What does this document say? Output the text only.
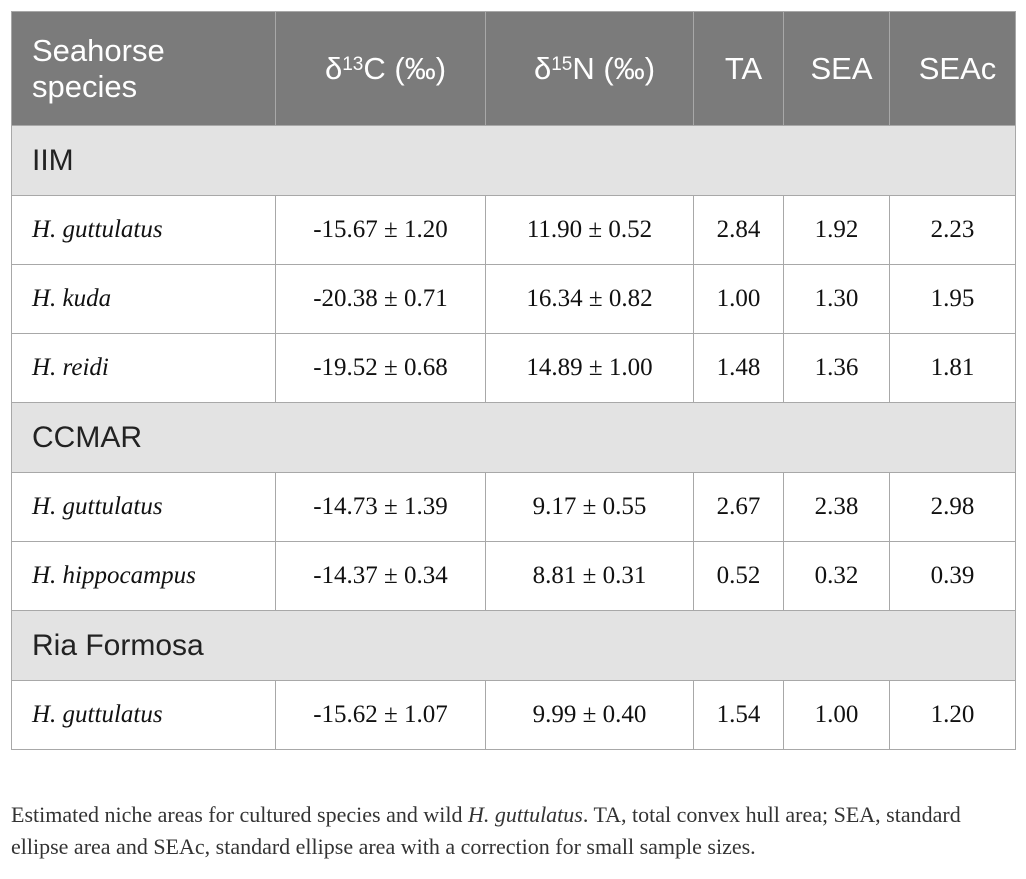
Seahorse
species	$\delta^{13}C$ (‰)	$\delta^{15}N$ (‰)	TA	SEA	SEAc
IIM					
H. guttulatus	-15.67 ± 1.20	11.90 ± 0.52	2.84	1.92	2.23
H. kuda	-20.38 ± 0.71	16.34 ± 0.82	1.00	1.30	1.95
H. reidi	-19.52 ± 0.68	14.89 ± 1.00	1.48	1.36	1.81
CCMAR					
H. guttulatus	-14.73 ± 1.39	9.17 ± 0.55	2.67	2.38	2.98
H. hippocampus	-14.37 ± 0.34	8.81 ± 0.31	0.52	0.32	0.39
Ria Formosa					
H. guttulatus	-15.62 ± 1.07	9.99 ± 0.40	1.54	1.00	1.20

Estimated niche areas for cultured species and wild H. guttulatus. TA, total convex hull area; SEA, standard ellipse area and SEAc, standard ellipse area with a correction for small sample sizes.
